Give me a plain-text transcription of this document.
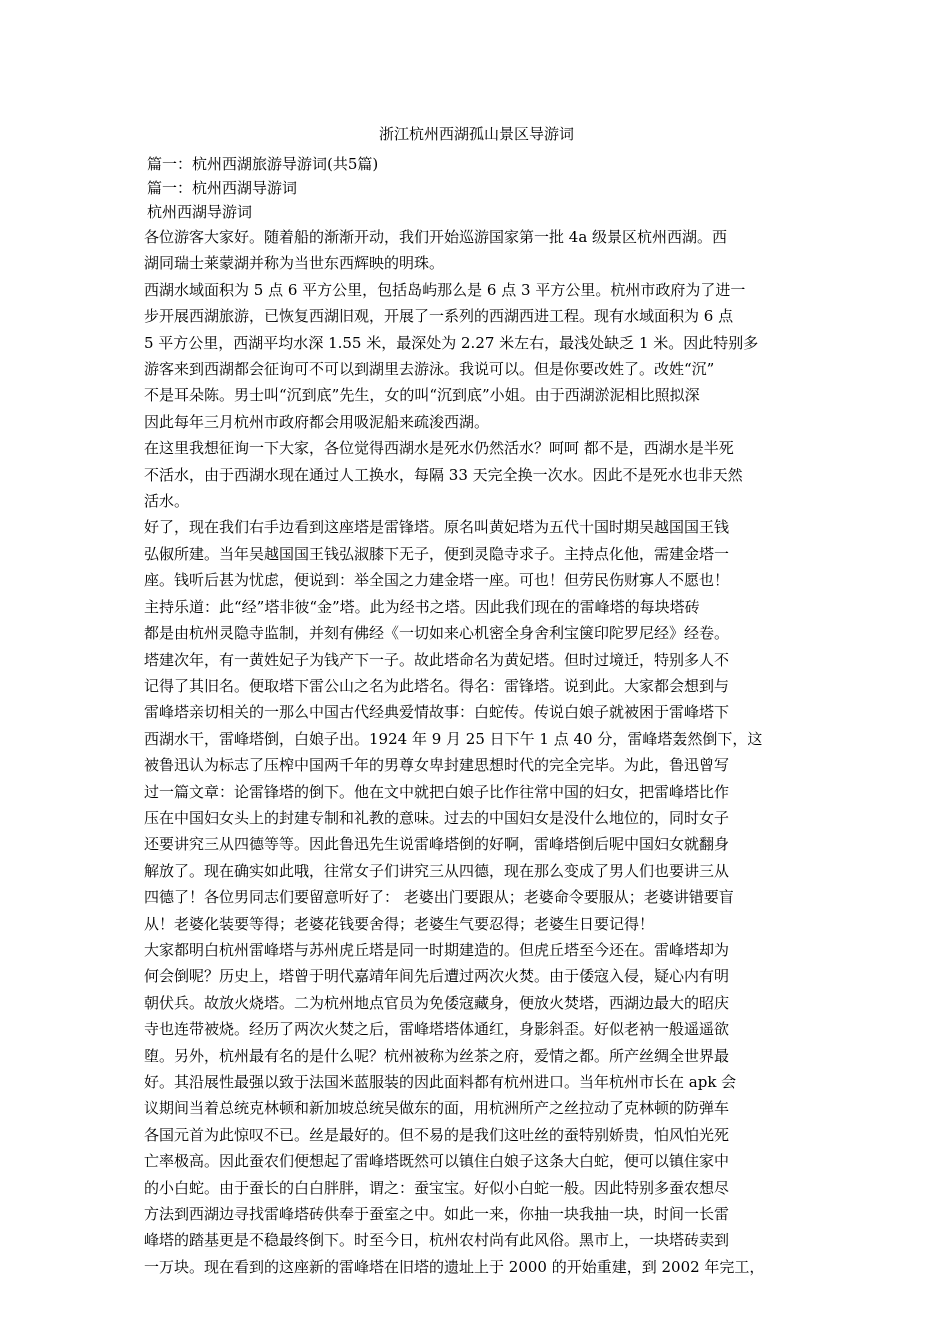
浙江杭州西湖孤山景区导游词
篇一：杭州西湖旅游导游词(共5篇)
篇一：杭州西湖导游词
杭州西湖导游词

各位游客大家好。随着船的渐渐开动，我们开始巡游国家第一批 4a 级景区杭州西湖。西
湖同瑞士莱蒙湖并称为当世东西辉映的明珠。

西湖水域面积为 5 点 6 平方公里，包括岛屿那么是 6 点 3 平方公里。杭州市政府为了进一
步开展西湖旅游，已恢复西湖旧观，开展了一系列的西湖西进工程。现有水域面积为 6 点
5 平方公里，西湖平均水深 1.55 米，最深处为 2.27 米左右，最浅处缺乏 1 米。因此特别多
游客来到西湖都会征询可不可以到湖里去游泳。我说可以。但是你要改姓了。改姓“沉”
不是耳朵陈。男士叫“沉到底”先生，女的叫“沉到底”小姐。由于西湖淤泥相比照拟深
因此每年三月杭州市政府都会用吸泥船来疏浚西湖。

在这里我想征询一下大家，各位觉得西湖水是死水仍然活水？呵呵 都不是，西湖水是半死
不活水，由于西湖水现在通过人工换水，每隔 33 天完全换一次水。因此不是死水也非天然
活水。

好了，现在我们右手边看到这座塔是雷锋塔。原名叫黄妃塔为五代十国时期吴越国国王钱
弘俶所建。当年吴越国国王钱弘淑膝下无子，便到灵隐寺求子。主持点化他，需建金塔一
座。钱听后甚为忧虑，便说到：举全国之力建金塔一座。可也！但劳民伤财寡人不愿也！
主持乐道：此“经”塔非彼“金”塔。此为经书之塔。因此我们现在的雷峰塔的每块塔砖
都是由杭州灵隐寺监制，并刻有佛经《一切如来心机密全身舍利宝箧印陀罗尼经》经卷。
塔建次年，有一黄姓妃子为钱产下一子。故此塔命名为黄妃塔。但时过境迁，特别多人不
记得了其旧名。便取塔下雷公山之名为此塔名。得名：雷锋塔。说到此。大家都会想到与
雷峰塔亲切相关的一那么中国古代经典爱情故事：白蛇传。传说白娘子就被困于雷峰塔下
西湖水干，雷峰塔倒，白娘子出。1924 年 9 月 25 日下午 1 点 40 分，雷峰塔轰然倒下，这
被鲁迅认为标志了压榨中国两千年的男尊女卑封建思想时代的完全完毕。为此，鲁迅曾写
过一篇文章：论雷锋塔的倒下。他在文中就把白娘子比作往常中国的妇女，把雷峰塔比作
压在中国妇女头上的封建专制和礼教的意味。过去的中国妇女是没什么地位的，同时女子
还要讲究三从四德等等。因此鲁迅先生说雷峰塔倒的好啊，雷峰塔倒后呢中国妇女就翻身
解放了。现在确实如此哦，往常女子们讲究三从四德，现在那么变成了男人们也要讲三从
四德了！各位男同志们要留意听好了： 老婆出门要跟从；老婆命令要服从；老婆讲错要盲
从！老婆化装要等得；老婆花钱要舍得；老婆生气要忍得；老婆生日要记得！

大家都明白杭州雷峰塔与苏州虎丘塔是同一时期建造的。但虎丘塔至今还在。雷峰塔却为
何会倒呢？历史上，塔曾于明代嘉靖年间先后遭过两次火焚。由于倭寇入侵，疑心内有明
朝伏兵。故放火烧塔。二为杭州地点官员为免倭寇藏身，便放火焚塔，西湖边最大的昭庆
寺也连带被烧。经历了两次火焚之后，雷峰塔塔体通红，身影斜歪。好似老衲一般遥遥欲
堕。另外，杭州最有名的是什么呢？杭州被称为丝茶之府，爱情之都。所产丝绸全世界最
好。其沿展性最强以致于法国米蓝服装的因此面料都有杭州进口。当年杭州市长在 apk 会
议期间当着总统克林顿和新加坡总统吴做东的面，用杭洲所产之丝拉动了克林顿的防弹车
各国元首为此惊叹不已。丝是最好的。但不易的是我们这吐丝的蚕特别娇贵，怕风怕光死
亡率极高。因此蚕农们便想起了雷峰塔既然可以镇住白娘子这条大白蛇，便可以镇住家中
的小白蛇。由于蚕长的白白胖胖，谓之：蚕宝宝。好似小白蛇一般。因此特别多蚕农想尽
方法到西湖边寻找雷峰塔砖供奉于蚕室之中。如此一来，你抽一块我抽一块，时间一长雷
峰塔的踏基更是不稳最终倒下。时至今日，杭州农村尚有此风俗。黑市上，一块塔砖卖到
一万块。现在看到的这座新的雷峰塔在旧塔的遗址上于 2000 的开始重建，到 2002 年完工，
